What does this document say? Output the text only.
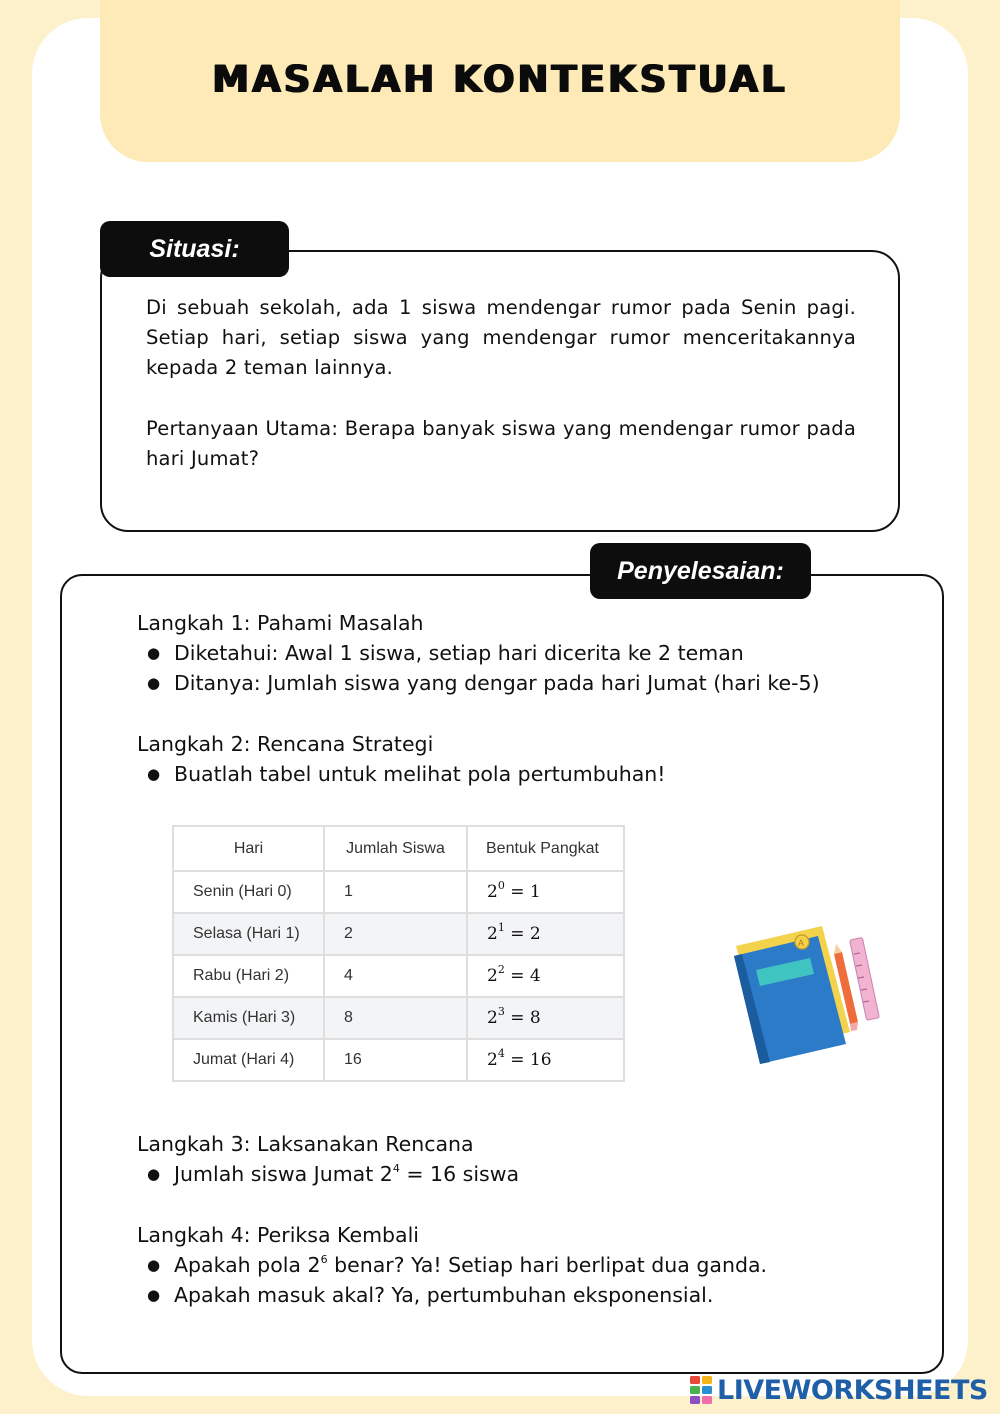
MASALAH KONTEKSTUAL
Situasi:

Di sebuah sekolah, ada 1 siswa mendengar rumor pada Senin pagi. Setiap hari, setiap siswa yang mendengar rumor menceritakannya kepada 2 teman lainnya.

Pertanyaan Utama: Berapa banyak siswa yang mendengar rumor pada hari Jumat?

Penyelesaian:

Langkah 1: Pahami Masalah

● Diketahui: Awal 1 siswa, setiap hari dicerita ke 2 teman

● Ditanya: Jumlah siswa yang dengar pada hari Jumat (hari ke-5)

Langkah 2: Rencana Strategi

● Buatlah tabel untuk melihat pola pertumbuhan!

Hari	Jumlah Siswa	Bentuk Pangkat
Senin (Hari 0)	1	$2^0 = 1$
Selasa (Hari 1)	2	$2^1 = 2$
Rabu (Hari 2)	4	$2^2 = 4$
Kamis (Hari 3)	8	$2^3 = 8$
Jumat (Hari 4)	16	$2^4 = 16$
A

Langkah 3: Laksanakan Rencana

● Jumlah siswa Jumat $2^4 = 16$ siswa

Langkah 4: Periksa Kembali

● Apakah pola $2^6$ benar? Ya! Setiap hari berlipat dua ganda.

● Apakah masuk akal? Ya, pertumbuhan eksponensial.

LIVEWORKSHEETS
